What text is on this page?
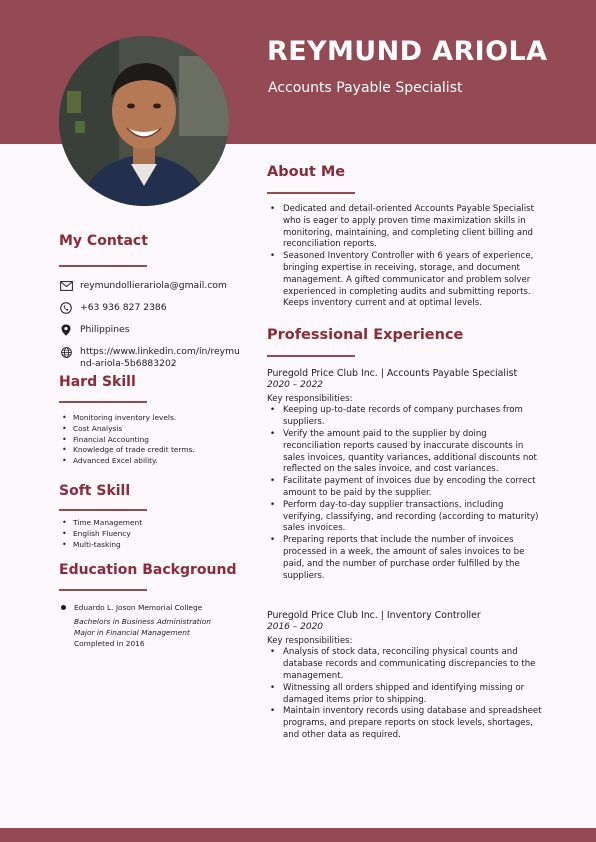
REYMUND ARIOLA
Accounts Payable Specialist
My Contact
reymundollierariola@gmail.com
+63 936 827 2386
Philippines
https://www.linkedin.com/in/reymund-ariola-5b6883202
Hard Skill
• Monitoring inventory levels.
• Cost Analysis
• Financial Accounting
• Knowledge of trade credit terms.
• Advanced Excel ability.
Soft Skill
• Time Management
• English Fluency
• Multi-tasking
Education Background
Eduardo L. Joson Memorial College
Bachelors in Business Administration
Major in Financial Management
Completed in 2016
About Me
• Dedicated and detail-oriented Accounts Payable Specialist who is eager to apply proven time maximization skills in monitoring, maintaining, and completing client billing and reconciliation reports.
• Seasoned Inventory Controller with 6 years of experience, bringing expertise in receiving, storage, and document management. A gifted communicator and problem solver experienced in completing audits and submitting reports. Keeps inventory current and at optimal levels.
Professional Experience
Puregold Price Club Inc. | Accounts Payable Specialist
2020 – 2022
Key responsibilities:
• Keeping up-to-date records of company purchases from suppliers.
• Verify the amount paid to the supplier by doing reconciliation reports caused by inaccurate discounts in sales invoices, quantity variances, additional discounts not reflected on the sales invoice, and cost variances.
• Facilitate payment of invoices due by encoding the correct amount to be paid by the supplier.
• Perform day-to-day supplier transactions, including verifying, classifying, and recording (according to maturity) sales invoices.
• Preparing reports that include the number of invoices processed in a week, the amount of sales invoices to be paid, and the number of purchase order fulfilled by the suppliers.
Puregold Price Club Inc. | Inventory Controller
2016 – 2020
Key responsibilities:
• Analysis of stock data, reconciling physical counts and database records and communicating discrepancies to the management.
• Witnessing all orders shipped and identifying missing or damaged items prior to shipping.
• Maintain inventory records using database and spreadsheet programs, and prepare reports on stock levels, shortages, and other data as required.
